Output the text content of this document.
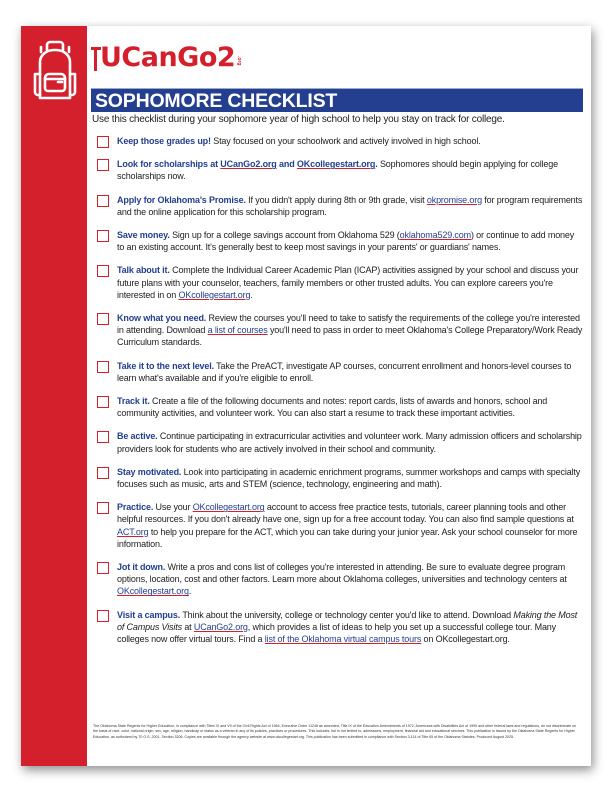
UCanGo2 .org
SOPHOMORE CHECKLIST
Use this checklist during your sophomore year of high school to help you stay on track for college.
Keep those grades up! Stay focused on your schoolwork and actively involved in high school.
Look for scholarships at UCanGo2.org and OKcollegestart.org. Sophomores should begin applying for college scholarships now.
Apply for Oklahoma's Promise. If you didn't apply during 8th or 9th grade, visit okpromise.org for program requirements and the online application for this scholarship program.
Save money. Sign up for a college savings account from Oklahoma 529 (oklahoma529.com) or continue to add money to an existing account. It's generally best to keep most savings in your parents' or guardians' names.
Talk about it. Complete the Individual Career Academic Plan (ICAP) activities assigned by your school and discuss your future plans with your counselor, teachers, family members or other trusted adults. You can explore careers you're interested in on OKcollegestart.org.
Know what you need. Review the courses you'll need to take to satisfy the requirements of the college you're interested in attending. Download a list of courses you'll need to pass in order to meet Oklahoma's College Preparatory/Work Ready Curriculum standards.
Take it to the next level. Take the PreACT, investigate AP courses, concurrent enrollment and honors-level courses to learn what's available and if you're eligible to enroll.
Track it. Create a file of the following documents and notes: report cards, lists of awards and honors, school and community activities, and volunteer work. You can also start a resume to track these important activities.
Be active. Continue participating in extracurricular activities and volunteer work. Many admission officers and scholarship providers look for students who are actively involved in their school and community.
Stay motivated. Look into participating in academic enrichment programs, summer workshops and camps with specialty focuses such as music, arts and STEM (science, technology, engineering and math).
Practice. Use your OKcollegestart.org account to access free practice tests, tutorials, career planning tools and other helpful resources. If you don't already have one, sign up for a free account today. You can also find sample questions at ACT.org to help you prepare for the ACT, which you can take during your junior year. Ask your school counselor for more information.
Jot it down. Write a pros and cons list of colleges you're interested in attending. Be sure to evaluate degree program options, location, cost and other factors. Learn more about Oklahoma colleges, universities and technology centers at OKcollegestart.org.
Visit a campus. Think about the university, college or technology center you'd like to attend. Download Making the Most of Campus Visits at UCanGo2.org, which provides a list of ideas to help you set up a successful college tour. Many colleges now offer virtual tours. Find a list of the Oklahoma virtual campus tours on OKcollegestart.org.
The Oklahoma State Regents for Higher Education, in compliance with Titles VI and VII of the Civil Rights Act of 1964, Executive Order 11246 as amended, Title IX of the Education Amendments of 1972, Americans with Disabilities Act of 1990 and other federal laws and regulations, do not discriminate on the basis of race, color, national origin, sex, age, religion, handicap or status as a veteran in any of its policies, practices or procedures. This includes, but is not limited to, admissions, employment, financial aid and educational services. This publication is issued by the Oklahoma State Regents for Higher Education, as authorized by 70 O.S. 2001, Section 3206. Copies are available through the agency website at www.okcollegestart.org. This publication has been submitted in compliance with Section 3-114 of Title 65 of the Oklahoma Statutes. Produced August 2025.
